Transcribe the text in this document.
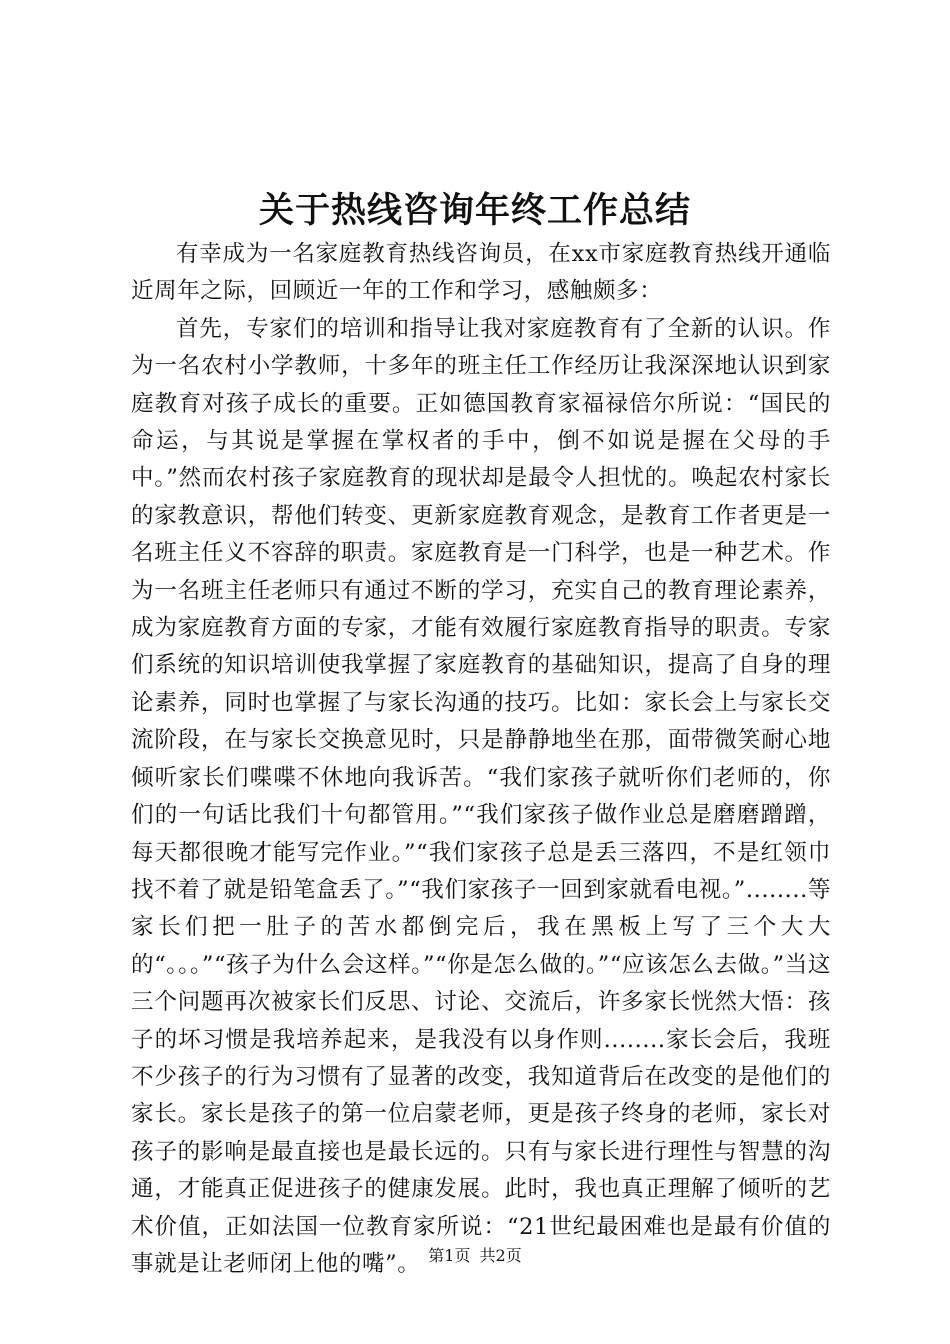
关于热线咨询年终工作总结

有幸成为一名家庭教育热线咨询员，在xx市家庭教育热线开通临近周年之际，回顾近一年的工作和学习，感触颇多：

首先，专家们的培训和指导让我对家庭教育有了全新的认识。作为一名农村小学教师，十多年的班主任工作经历让我深深地认识到家庭教育对孩子成长的重要。正如德国教育家福禄倍尔所说：“国民的命运，与其说是掌握在掌权者的手中，倒不如说是握在父母的手中。”然而农村孩子家庭教育的现状却是最令人担忧的。唤起农村家长的家教意识，帮他们转变、更新家庭教育观念，是教育工作者更是一名班主任义不容辞的职责。家庭教育是一门科学，也是一种艺术。作为一名班主任老师只有通过不断的学习，充实自己的教育理论素养，成为家庭教育方面的专家，才能有效履行家庭教育指导的职责。专家们系统的知识培训使我掌握了家庭教育的基础知识，提高了自身的理论素养，同时也掌握了与家长沟通的技巧。比如：家长会上与家长交流阶段，在与家长交换意见时，只是静静地坐在那，面带微笑耐心地倾听家长们喋喋不休地向我诉苦。“我们家孩子就听你们老师的，你们的一句话比我们十句都管用。”“我们家孩子做作业总是磨磨蹭蹭，每天都很晚才能写完作业。”“我们家孩子总是丢三落四，不是红领巾找不着了就是铅笔盒丢了。”“我们家孩子一回到家就看电视。”........等家长们把一肚子的苦水都倒完后，我在黑板上写了三个大大的“。。。”“孩子为什么会这样。”“你是怎么做的。”“应该怎么去做。”当这三个问题再次被家长们反思、讨论、交流后，许多家长恍然大悟：孩子的坏习惯是我培养起来，是我没有以身作则........家长会后，我班不少孩子的行为习惯有了显著的改变，我知道背后在改变的是他们的家长。家长是孩子的第一位启蒙老师，更是孩子终身的老师，家长对孩子的影响是最直接也是最长远的。只有与家长进行理性与智慧的沟通，才能真正促进孩子的健康发展。此时，我也真正理解了倾听的艺术价值，正如法国一位教育家所说：“21世纪最困难也是最有价值的事就是让老师闭上他的嘴”。 第1页 共2页
